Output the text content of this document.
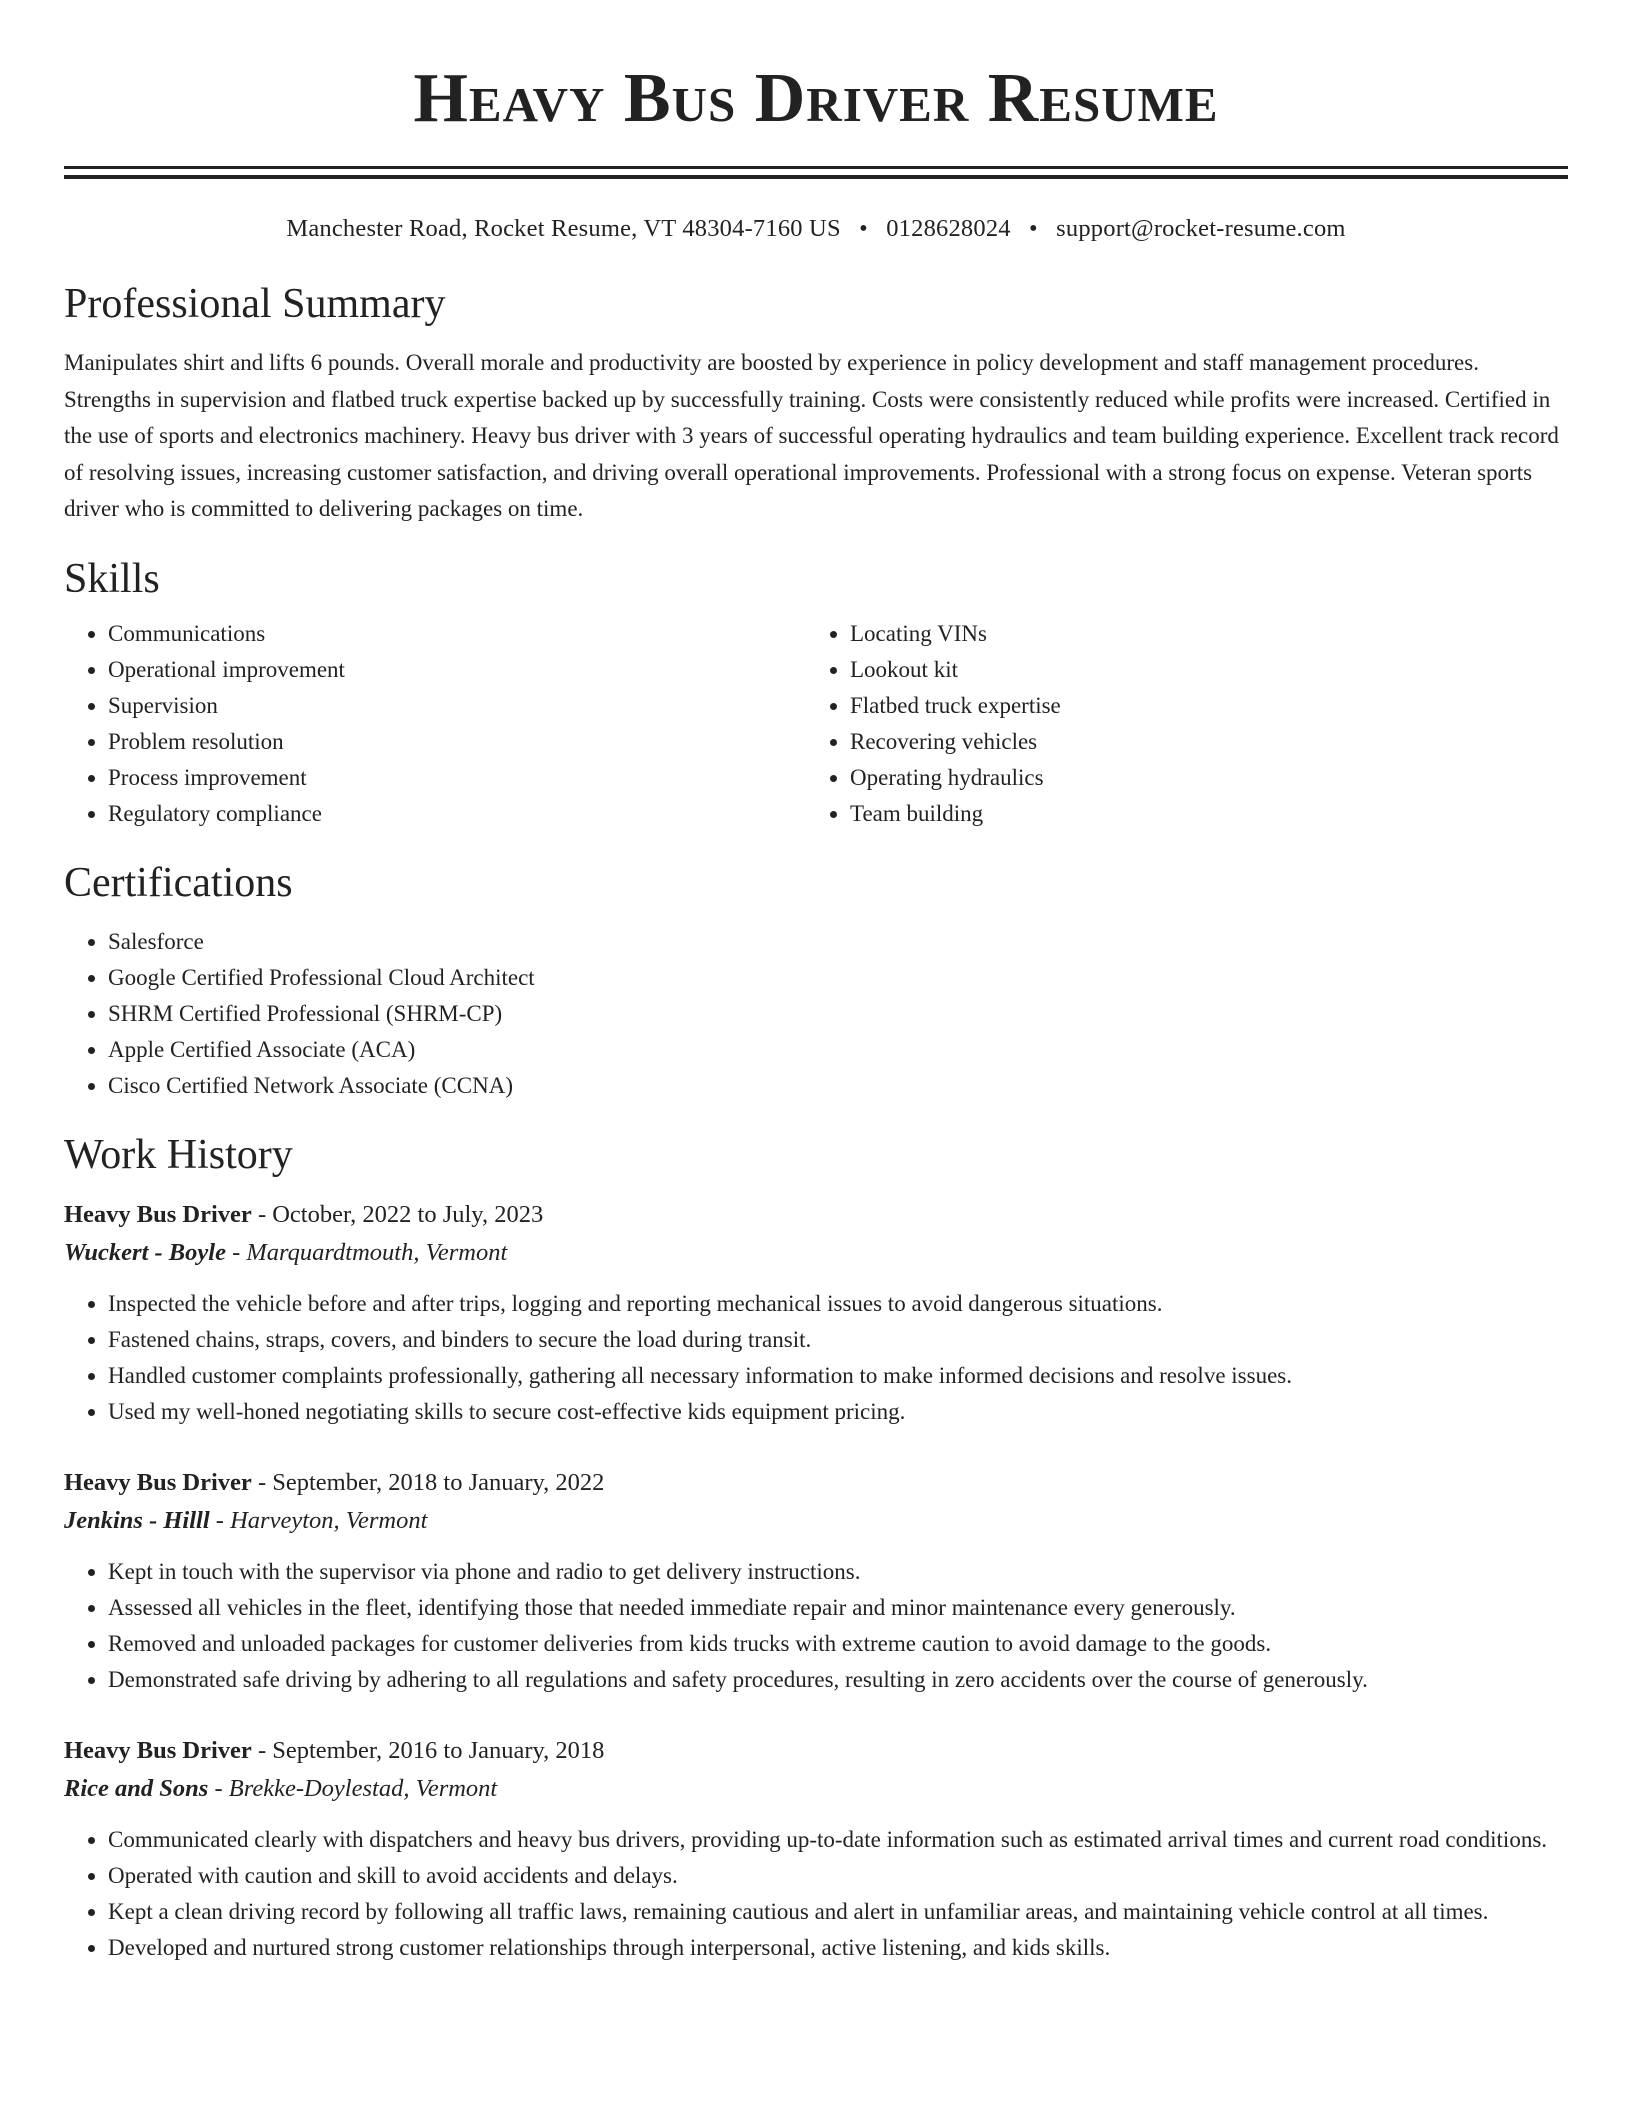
Heavy Bus Driver Resume
Manchester Road, Rocket Resume, VT 48304-7160 US • 0128628024 • support@rocket-resume.com
Professional Summary

Manipulates shirt and lifts 6 pounds. Overall morale and productivity are boosted by experience in policy development and staff management procedures. Strengths in supervision and flatbed truck expertise backed up by successfully training. Costs were consistently reduced while profits were increased. Certified in the use of sports and electronics machinery. Heavy bus driver with 3 years of successful operating hydraulics and team building experience. Excellent track record of resolving issues, increasing customer satisfaction, and driving overall operational improvements. Professional with a strong focus on expense. Veteran sports driver who is committed to delivering packages on time.

Skills
• Communications
• Operational improvement
• Supervision
• Problem resolution
• Process improvement
• Regulatory compliance
• Locating VINs
• Lookout kit
• Flatbed truck expertise
• Recovering vehicles
• Operating hydraulics
• Team building
Certifications
• Salesforce
• Google Certified Professional Cloud Architect
• SHRM Certified Professional (SHRM-CP)
• Apple Certified Associate (ACA)
• Cisco Certified Network Associate (CCNA)
Work History
Heavy Bus Driver - October, 2022 to July, 2023
Wuckert - Boyle - Marquardtmouth, Vermont
• Inspected the vehicle before and after trips, logging and reporting mechanical issues to avoid dangerous situations.
• Fastened chains, straps, covers, and binders to secure the load during transit.
• Handled customer complaints professionally, gathering all necessary information to make informed decisions and resolve issues.
• Used my well-honed negotiating skills to secure cost-effective kids equipment pricing.
Heavy Bus Driver - September, 2018 to January, 2022
Jenkins - Hilll - Harveyton, Vermont
• Kept in touch with the supervisor via phone and radio to get delivery instructions.
• Assessed all vehicles in the fleet, identifying those that needed immediate repair and minor maintenance every generously.
• Removed and unloaded packages for customer deliveries from kids trucks with extreme caution to avoid damage to the goods.
• Demonstrated safe driving by adhering to all regulations and safety procedures, resulting in zero accidents over the course of generously.
Heavy Bus Driver - September, 2016 to January, 2018
Rice and Sons - Brekke-Doylestad, Vermont
• Communicated clearly with dispatchers and heavy bus drivers, providing up-to-date information such as estimated arrival times and current road conditions.
• Operated with caution and skill to avoid accidents and delays.
• Kept a clean driving record by following all traffic laws, remaining cautious and alert in unfamiliar areas, and maintaining vehicle control at all times.
• Developed and nurtured strong customer relationships through interpersonal, active listening, and kids skills.
